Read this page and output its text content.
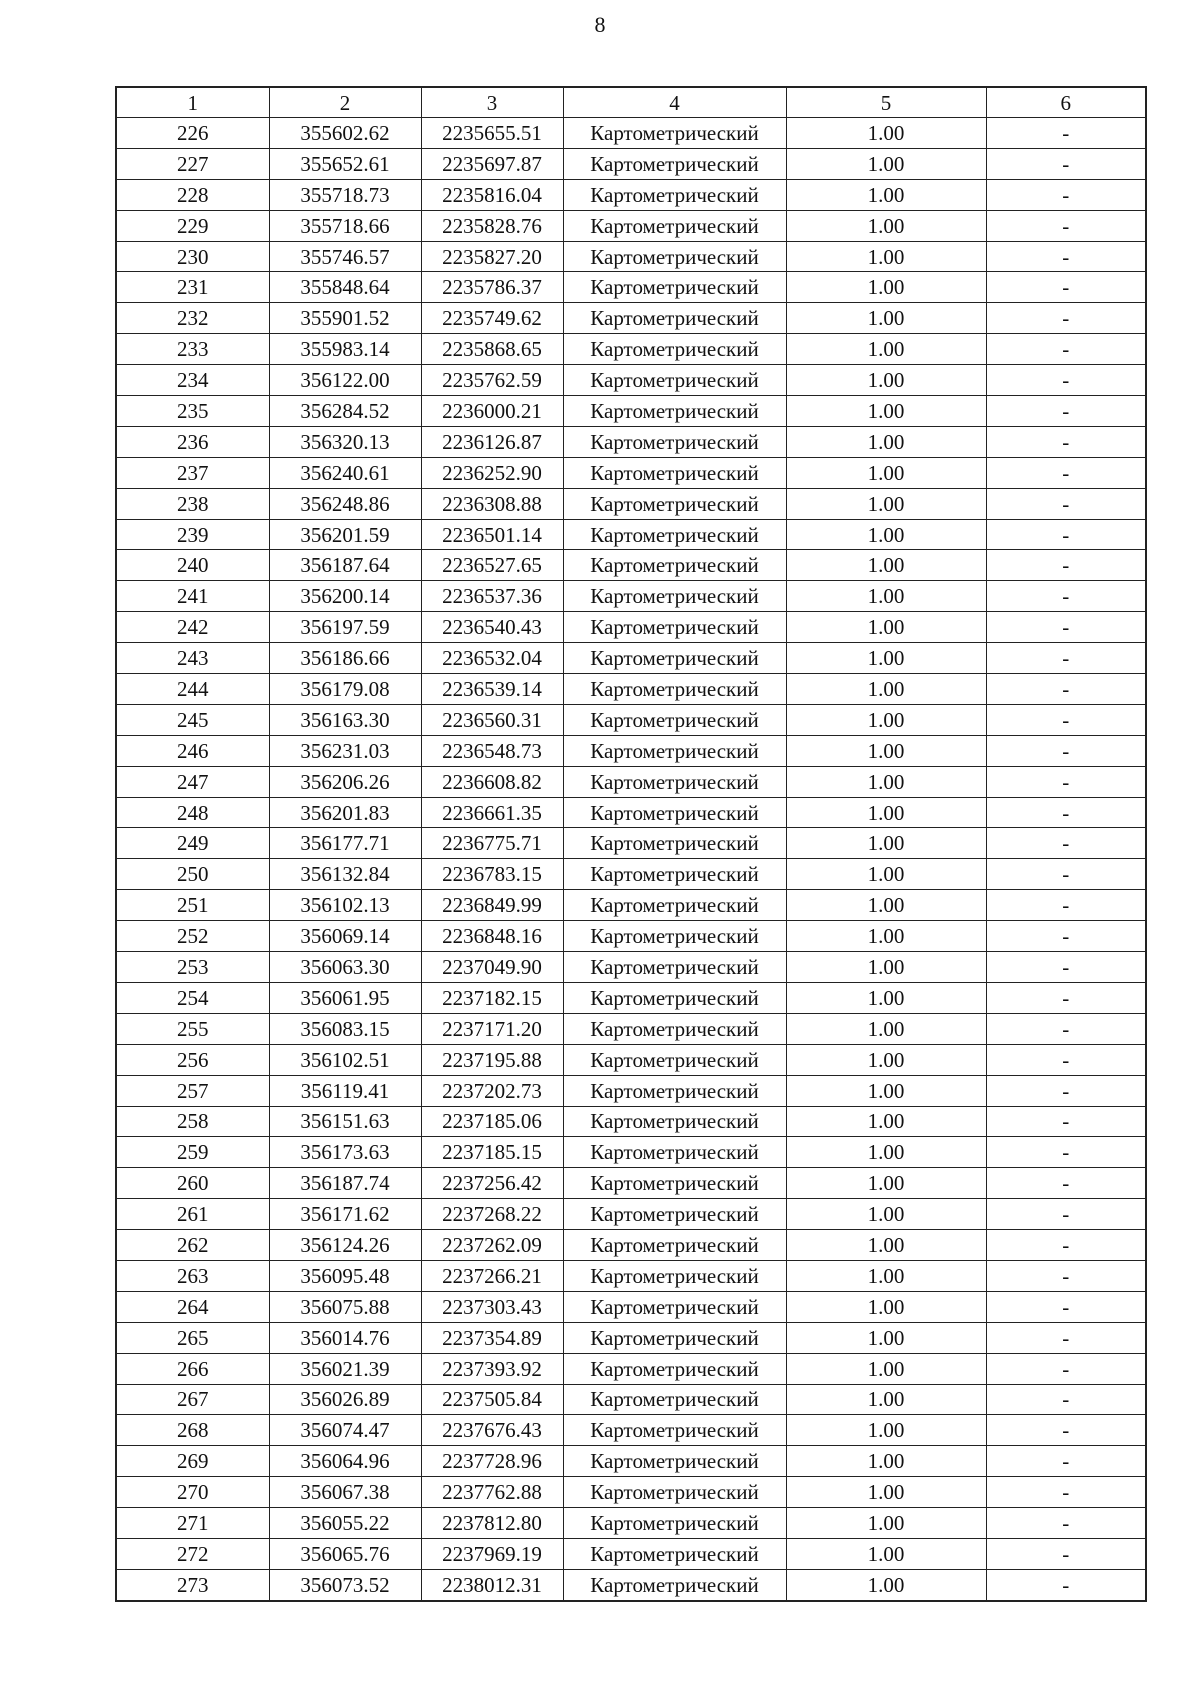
8
1	2	3	4	5	6
226	355602.62	2235655.51	Картометрический	1.00	-
227	355652.61	2235697.87	Картометрический	1.00	-
228	355718.73	2235816.04	Картометрический	1.00	-
229	355718.66	2235828.76	Картометрический	1.00	-
230	355746.57	2235827.20	Картометрический	1.00	-
231	355848.64	2235786.37	Картометрический	1.00	-
232	355901.52	2235749.62	Картометрический	1.00	-
233	355983.14	2235868.65	Картометрический	1.00	-
234	356122.00	2235762.59	Картометрический	1.00	-
235	356284.52	2236000.21	Картометрический	1.00	-
236	356320.13	2236126.87	Картометрический	1.00	-
237	356240.61	2236252.90	Картометрический	1.00	-
238	356248.86	2236308.88	Картометрический	1.00	-
239	356201.59	2236501.14	Картометрический	1.00	-
240	356187.64	2236527.65	Картометрический	1.00	-
241	356200.14	2236537.36	Картометрический	1.00	-
242	356197.59	2236540.43	Картометрический	1.00	-
243	356186.66	2236532.04	Картометрический	1.00	-
244	356179.08	2236539.14	Картометрический	1.00	-
245	356163.30	2236560.31	Картометрический	1.00	-
246	356231.03	2236548.73	Картометрический	1.00	-
247	356206.26	2236608.82	Картометрический	1.00	-
248	356201.83	2236661.35	Картометрический	1.00	-
249	356177.71	2236775.71	Картометрический	1.00	-
250	356132.84	2236783.15	Картометрический	1.00	-
251	356102.13	2236849.99	Картометрический	1.00	-
252	356069.14	2236848.16	Картометрический	1.00	-
253	356063.30	2237049.90	Картометрический	1.00	-
254	356061.95	2237182.15	Картометрический	1.00	-
255	356083.15	2237171.20	Картометрический	1.00	-
256	356102.51	2237195.88	Картометрический	1.00	-
257	356119.41	2237202.73	Картометрический	1.00	-
258	356151.63	2237185.06	Картометрический	1.00	-
259	356173.63	2237185.15	Картометрический	1.00	-
260	356187.74	2237256.42	Картометрический	1.00	-
261	356171.62	2237268.22	Картометрический	1.00	-
262	356124.26	2237262.09	Картометрический	1.00	-
263	356095.48	2237266.21	Картометрический	1.00	-
264	356075.88	2237303.43	Картометрический	1.00	-
265	356014.76	2237354.89	Картометрический	1.00	-
266	356021.39	2237393.92	Картометрический	1.00	-
267	356026.89	2237505.84	Картометрический	1.00	-
268	356074.47	2237676.43	Картометрический	1.00	-
269	356064.96	2237728.96	Картометрический	1.00	-
270	356067.38	2237762.88	Картометрический	1.00	-
271	356055.22	2237812.80	Картометрический	1.00	-
272	356065.76	2237969.19	Картометрический	1.00	-
273	356073.52	2238012.31	Картометрический	1.00	-
